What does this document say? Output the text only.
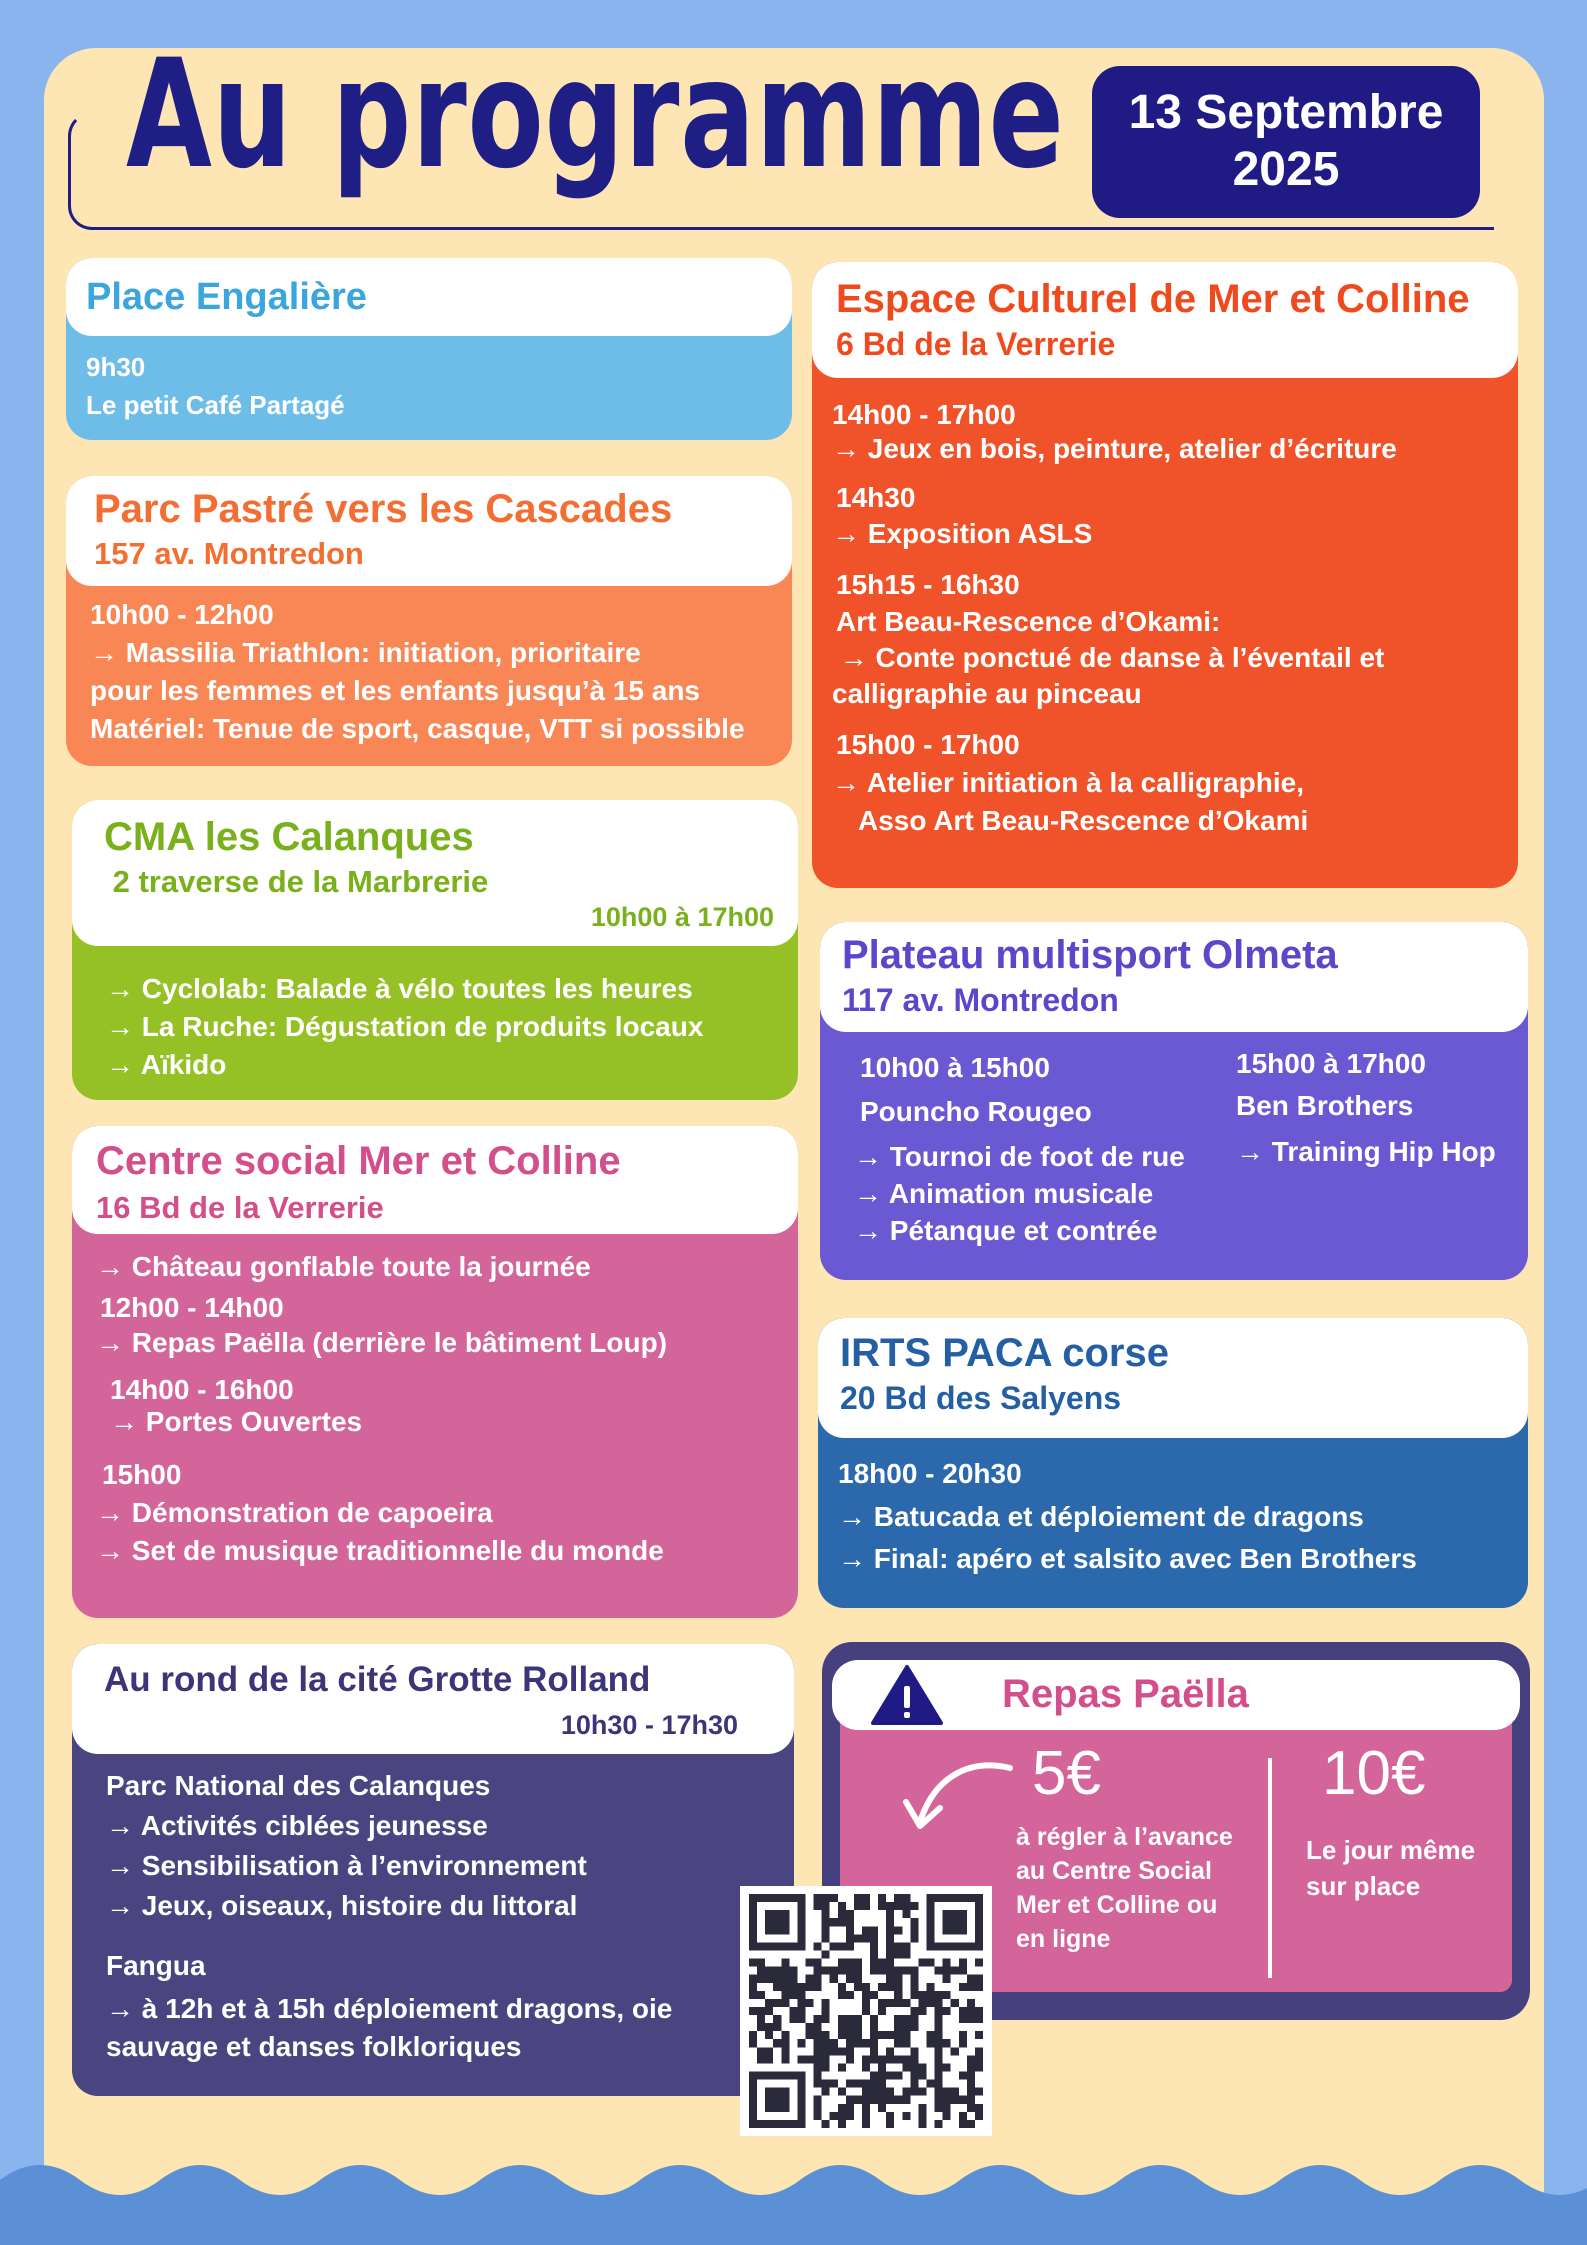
Au programme 13 Septembre
2025
Place Engalière
9h30
Le petit Café Partagé
Parc Pastré vers les Cascades
157 av. Montredon
10h00 - 12h00
→ Massilia Triathlon: initiation, prioritaire
pour les femmes et les enfants jusqu’à 15 ans
Matériel: Tenue de sport, casque, VTT si possible
CMA les Calanques
2 traverse de la Marbrerie
10h00 à 17h00
→ Cyclolab: Balade à vélo toutes les heures
→ La Ruche: Dégustation de produits locaux
→ Aïkido
Centre social Mer et Colline
16 Bd de la Verrerie
→ Château gonflable toute la journée
12h00 - 14h00
→ Repas Paëlla (derrière le bâtiment Loup)
14h00 - 16h00
→ Portes Ouvertes
15h00
→ Démonstration de capoeira
→ Set de musique traditionnelle du monde
Au rond de la cité Grotte Rolland
10h30 - 17h30
Parc National des Calanques
→ Activités ciblées jeunesse
→ Sensibilisation à l’environnement
→ Jeux, oiseaux, histoire du littoral
Fangua
→ à 12h et à 15h déploiement dragons, oie
sauvage et danses folkloriques
Espace Culturel de Mer et Colline
6 Bd de la Verrerie
14h00 - 17h00
→ Jeux en bois, peinture, atelier d’écriture
14h30
→ Exposition ASLS
15h15 - 16h30
Art Beau-Rescence d’Okami:
→ Conte ponctué de danse à l’éventail et
calligraphie au pinceau
15h00 - 17h00
→ Atelier initiation à la calligraphie,
Asso Art Beau-Rescence d’Okami
Plateau multisport Olmeta
117 av. Montredon
10h00 à 15h00
Pouncho Rougeo
→ Tournoi de foot de rue
→ Animation musicale
→ Pétanque et contrée
15h00 à 17h00
Ben Brothers
→ Training Hip Hop
IRTS PACA corse
20 Bd des Salyens
18h00 - 20h30
→ Batucada et déploiement de dragons
→ Final: apéro et salsito avec Ben Brothers
Repas Paëlla
5€
à régler à l’avance
au Centre Social
Mer et Colline ou
en ligne
10€
Le jour même
sur place
